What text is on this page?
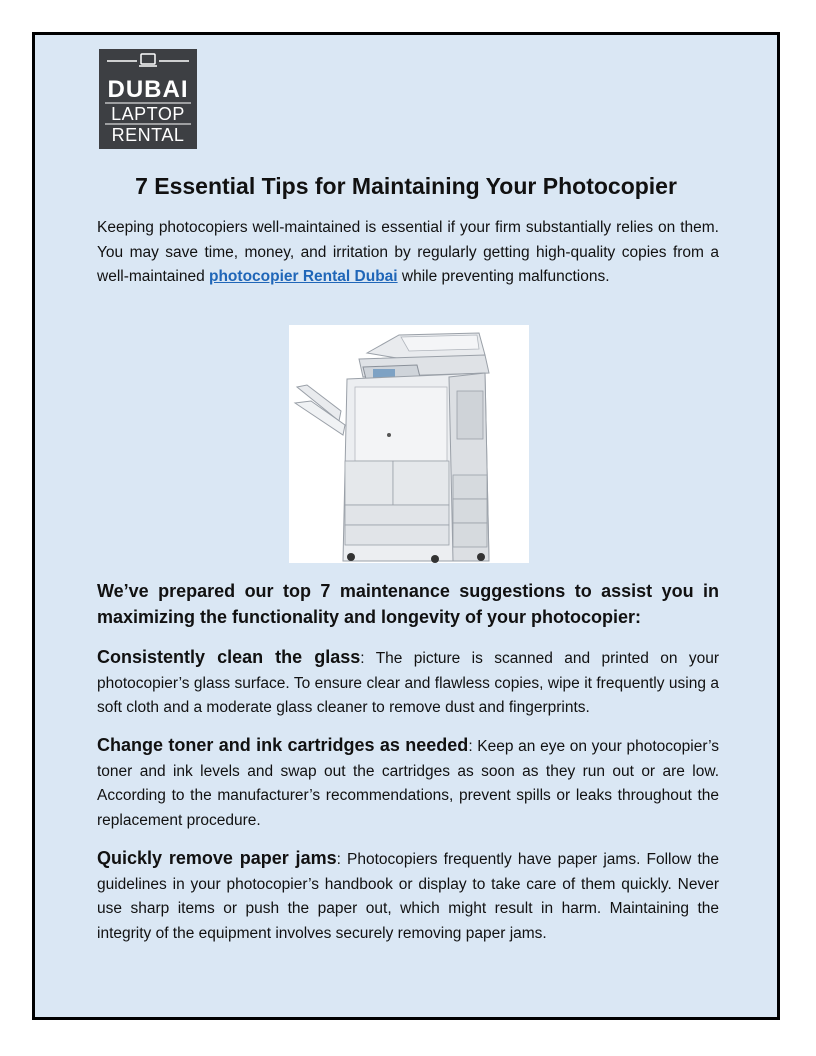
DUBAI
LAPTOP
RENTAL
7 Essential Tips for Maintaining Your Photocopier

Keeping photocopiers well-maintained is essential if your firm substantially relies on them. You may save time, money, and irritation by regularly getting high-quality copies from a well-maintained photocopier Rental Dubai while preventing malfunctions.

We’ve prepared our top 7 maintenance suggestions to assist you in maximizing the functionality and longevity of your photocopier:

Consistently clean the glass: The picture is scanned and printed on your photocopier’s glass surface. To ensure clear and flawless copies, wipe it frequently using a soft cloth and a moderate glass cleaner to remove dust and fingerprints.

Change toner and ink cartridges as needed: Keep an eye on your photocopier’s toner and ink levels and swap out the cartridges as soon as they run out or are low. According to the manufacturer’s recommendations, prevent spills or leaks throughout the replacement procedure.

Quickly remove paper jams: Photocopiers frequently have paper jams. Follow the guidelines in your photocopier’s handbook or display to take care of them quickly. Never use sharp items or push the paper out, which might result in harm. Maintaining the integrity of the equipment involves securely removing paper jams.
